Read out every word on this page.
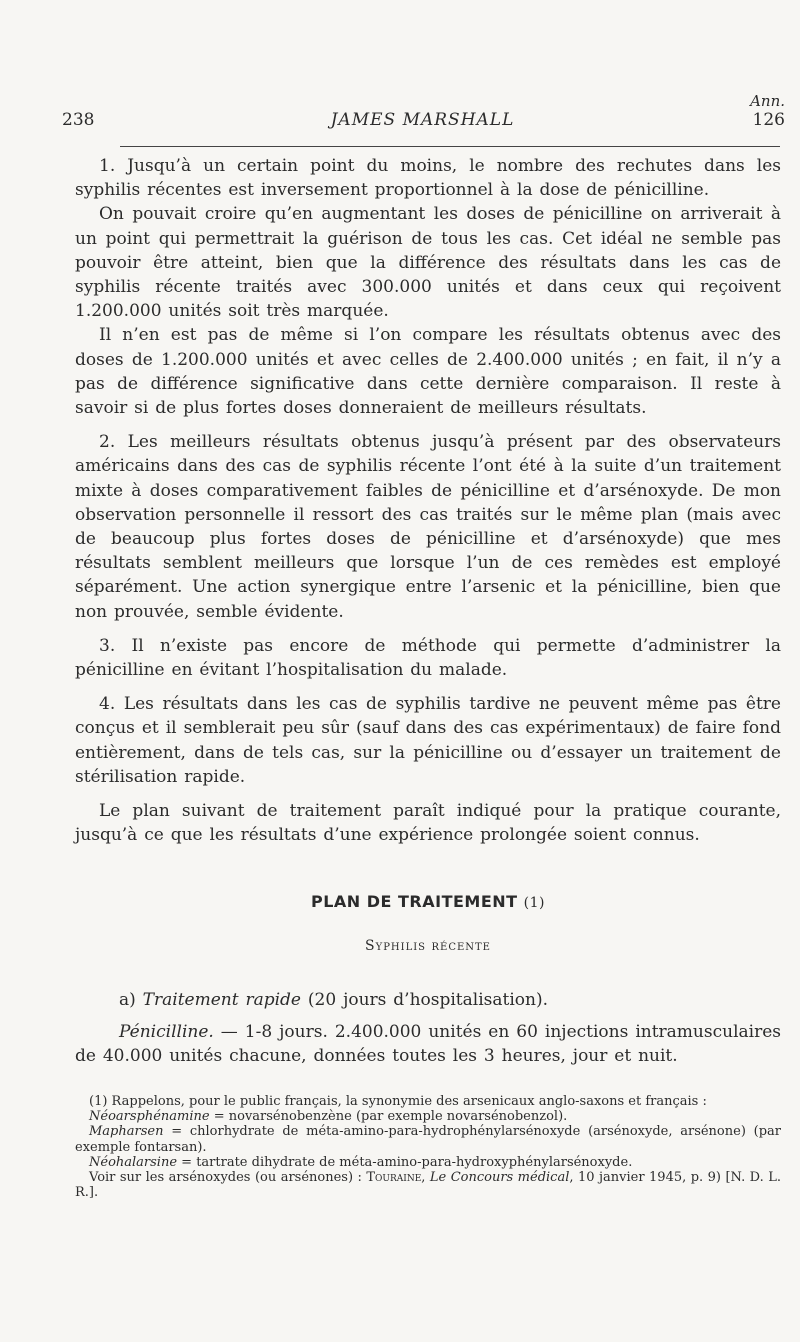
Ann.
238	JAMES MARSHALL	126

1. Jusqu’à un certain point du moins, le nombre des rechutes dans les syphilis récentes est inversement proportionnel à la dose de pénicilline.

On pouvait croire qu’en augmentant les doses de pénicilline on arriverait à un point qui permettrait la guérison de tous les cas. Cet idéal ne semble pas pouvoir être atteint, bien que la différence des résultats dans les cas de syphilis récente traités avec 300.000 unités et dans ceux qui reçoivent 1.200.000 unités soit très marquée.

Il n’en est pas de même si l’on compare les résultats obtenus avec des doses de 1.200.000 unités et avec celles de 2.400.000 unités ; en fait, il n’y a pas de différence significative dans cette dernière comparaison. Il reste à savoir si de plus fortes doses donneraient de meilleurs résultats.

2. Les meilleurs résultats obtenus jusqu’à présent par des observateurs américains dans des cas de syphilis récente l’ont été à la suite d’un traitement mixte à doses comparativement faibles de pénicilline et d’arsénoxyde. De mon observation personnelle il ressort des cas traités sur le même plan (mais avec de beaucoup plus fortes doses de pénicilline et d’arsénoxyde) que mes résultats semblent meilleurs que lorsque l’un de ces remèdes est employé séparément. Une action synergique entre l’arsenic et la pénicilline, bien que non prouvée, semble évidente.

3. Il n’existe pas encore de méthode qui permette d’administrer la pénicilline en évitant l’hospitalisation du malade.

4. Les résultats dans les cas de syphilis tardive ne peuvent même pas être conçus et il semblerait peu sûr (sauf dans des cas expérimentaux) de faire fond entièrement, dans de tels cas, sur la pénicilline ou d’essayer un traitement de stérilisation rapide.

Le plan suivant de traitement paraît indiqué pour la pratique courante, jusqu’à ce que les résultats d’une expérience prolongée soient connus.

PLAN DE TRAITEMENT (1)
Syphilis récente

a) Traitement rapide (20 jours d’hospitalisation).

Pénicilline. — 1-8 jours. 2.400.000 unités en 60 injections intramusculaires de 40.000 unités chacune, données toutes les 3 heures, jour et nuit.

(1) Rappelons, pour le public français, la synonymie des arsenicaux anglo-saxons et français :

Néoarsphénamine = novarsénobenzène (par exemple novarsénobenzol).

Mapharsen = chlorhydrate de méta-amino-para-hydrophénylarsénoxyde (arsénoxyde, arsénone) (par exemple fontarsan).

Néohalarsine = tartrate dihydrate de méta-amino-para-hydroxyphénylarsénoxyde.

Voir sur les arsénoxydes (ou arsénones) : Touraine, Le Concours médical, 10 janvier 1945, p. 9) [N. D. L. R.].
